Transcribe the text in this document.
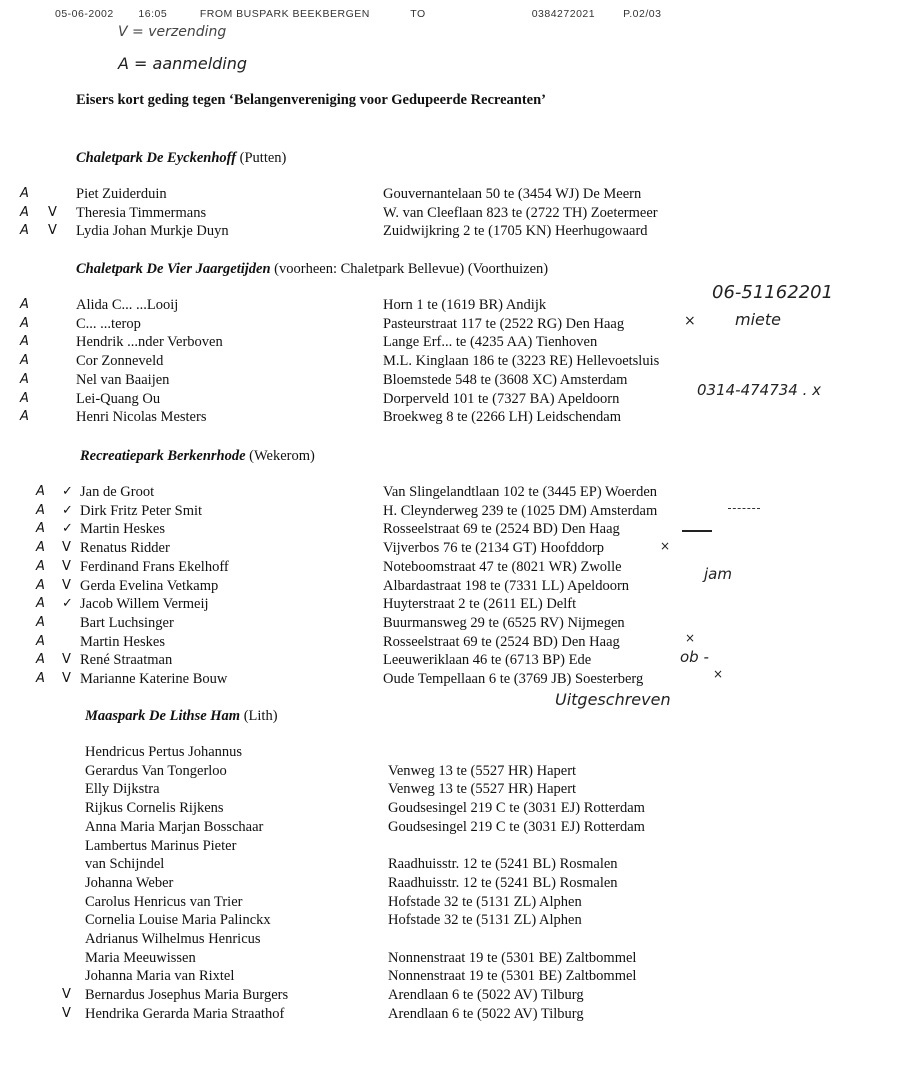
05-06-2002 16:05	FROM BUSPARK BEEKBERGEN	TO	0384272021	P.02/03
V = verzending
A = aanmelding
Eisers kort geding tegen ‘Belangenvereniging voor Gedupeerde Recreanten’
Chaletpark De Eyckenhoff (Putten)
A	Piet Zuiderduin	Gouvernantelaan 50 te (3454 WJ) De Meern
A V Theresia Timmermans	W. van Cleeflaan 823 te (2722 TH) Zoetermeer
A V Lydia Johan Murkje Duyn	Zuidwijkring 2 te (1705 KN) Heerhugowaard
Chaletpark De Vier Jaargetijden (voorheen: Chaletpark Bellevue) (Voorthuizen)
A	Alida C... ...Looij	Horn 1 te (1619 BR) Andijk
A	C... ...terop	Pasteurstraat 117 te (2522 RG) Den Haag
A	Hendrik ...nder Verboven	Lange Erf... te (4235 AA) Tienhoven
A	Cor Zonneveld	M.L. Kinglaan 186 te (3223 RE) Hellevoetsluis
A	Nel van Baaijen	Bloemstede 548 te (3608 XC) Amsterdam
A	Lei-Quang Ou	Dorperveld 101 te (7327 BA) Apeldoorn
A	Henri Nicolas Mesters	Broekweg 8 te (2266 LH) Leidschendam
Recreatiepark Berkenrhode (Wekerom)
A ✓ Jan de Groot	Van Slingelandtlaan 102 te (3445 EP) Woerden
A ✓ Dirk Fritz Peter Smit	H. Cleynderweg 239 te (1025 DM) Amsterdam
A ✓ Martin Heskes	Rosseelstraat 69 te (2524 BD) Den Haag
A V Renatus Ridder	Vijverbos 76 te (2134 GT) Hoofddorp
A V Ferdinand Frans Ekelhoff	Noteboomstraat 47 te (8021 WR) Zwolle
A V Gerda Evelina Vetkamp	Albardastraat 198 te (7331 LL) Apeldoorn
A ✓ Jacob Willem Vermeij	Huyterstraat 2 te (2611 EL) Delft
A Bart Luchsinger	Buurmansweg 29 te (6525 RV) Nijmegen
A Martin Heskes	Rosseelstraat 69 te (2524 BD) Den Haag
A V René Straatman	Leeuweriklaan 46 te (6713 BP) Ede
A V Marianne Katerine Bouw	Oude Tempellaan 6 te (3769 JB) Soesterberg
Maaspark De Lithse Ham (Lith)
Hendricus Pertus Johannus
Gerardus Van Tongerloo	Venweg 13 te (5527 HR) Hapert
Elly Dijkstra	Venweg 13 te (5527 HR) Hapert
Rijkus Cornelis Rijkens	Goudsesingel 219 C te (3031 EJ) Rotterdam
Anna Maria Marjan Bosschaar	Goudsesingel 219 C te (3031 EJ) Rotterdam
Lambertus Marinus Pieter
van Schijndel	Raadhuisstr. 12 te (5241 BL) Rosmalen
Johanna Weber	Raadhuisstr. 12 te (5241 BL) Rosmalen
Carolus Henricus van Trier	Hofstade 32 te (5131 ZL) Alphen
Cornelia Louise Maria Palinckx	Hofstade 32 te (5131 ZL) Alphen
Adrianus Wilhelmus Henricus
Maria Meeuwissen	Nonnenstraat 19 te (5301 BE) Zaltbommel
Johanna Maria van Rixtel	Nonnenstraat 19 te (5301 BE) Zaltbommel
V Bernardus Josephus Maria Burgers	Arendlaan 6 te (5022 AV) Tilburg
V Hendrika Gerarda Maria Straathof	Arendlaan 6 te (5022 AV) Tilburg
06-51162201
miete
×
0314-474734 . x
jam
×
×
×
ob -
Uitgeschreven
